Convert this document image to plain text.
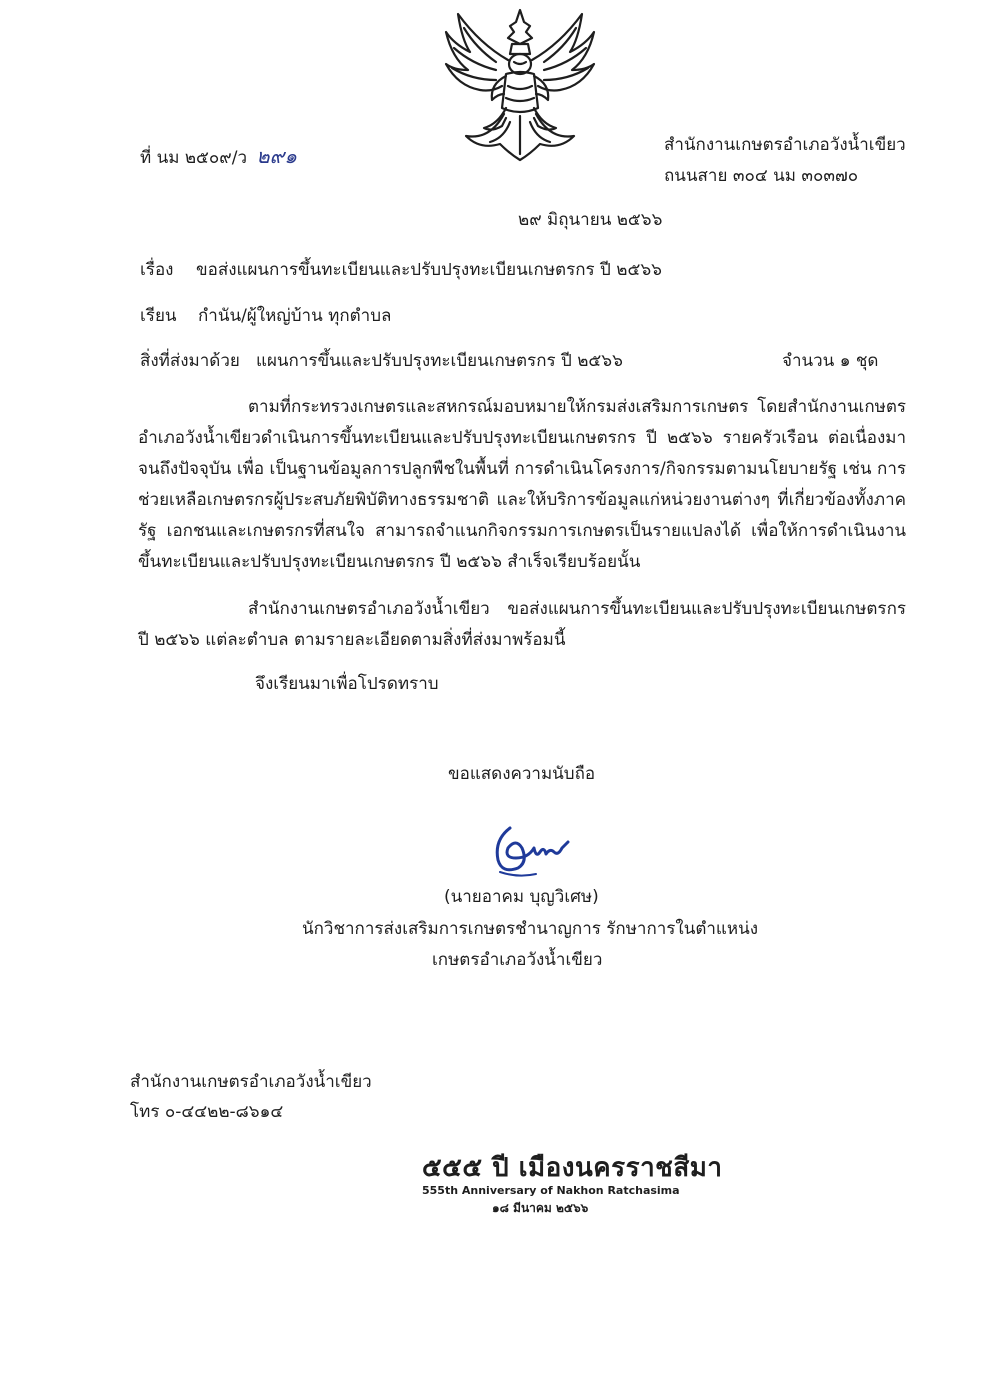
ที่ นม ๒๕๐๙/ว ๒๙๑	สำนักงานเกษตรอำเภอวังน้ำเขียว
ถนนสาย ๓๐๔ นม ๓๐๓๗๐
๒๙ มิถุนายน ๒๕๖๖
เรื่อง ขอส่งแผนการขึ้นทะเบียนและปรับปรุงทะเบียนเกษตรกร ปี ๒๕๖๖
เรียน กำนัน/ผู้ใหญ่บ้าน ทุกตำบล
สิ่งที่ส่งมาด้วย แผนการขึ้นและปรับปรุงทะเบียนเกษตรกร ปี ๒๕๖๖	จำนวน ๑ ชุด
ตามที่กระทรวงเกษตรและสหกรณ์มอบหมายให้กรมส่งเสริมการเกษตร โดยสำนักงานเกษตรอำเภอวังน้ำเขียวดำเนินการขึ้นทะเบียนและปรับปรุงทะเบียนเกษตรกร ปี ๒๕๖๖ รายครัวเรือน ต่อเนื่องมาจนถึงปัจจุบัน เพื่อ เป็นฐานข้อมูลการปลูกพืชในพื้นที่ การดำเนินโครงการ/กิจกรรมตามนโยบายรัฐ เช่น การช่วยเหลือเกษตรกรผู้ประสบภัยพิบัติทางธรรมชาติ และให้บริการข้อมูลแก่หน่วยงานต่างๆ ที่เกี่ยวข้องทั้งภาครัฐ เอกชนและเกษตรกรที่สนใจ สามารถจำแนกกิจกรรมการเกษตรเป็นรายแปลงได้ เพื่อให้การดำเนินงานขึ้นทะเบียนและปรับปรุงทะเบียนเกษตรกร ปี ๒๕๖๖ สำเร็จเรียบร้อยนั้น
สำนักงานเกษตรอำเภอวังน้ำเขียว ขอส่งแผนการขึ้นทะเบียนและปรับปรุงทะเบียนเกษตรกร ปี ๒๕๖๖ แต่ละตำบล ตามรายละเอียดตามสิ่งที่ส่งมาพร้อมนี้
จึงเรียนมาเพื่อโปรดทราบ
ขอแสดงความนับถือ
(นายอาคม บุญวิเศษ)
นักวิชาการส่งเสริมการเกษตรชำนาญการ รักษาการในตำแหน่ง
เกษตรอำเภอวังน้ำเขียว
สำนักงานเกษตรอำเภอวังน้ำเขียว
โทร ๐-๔๔๒๒-๘๖๑๔
๕๕๕ ปี เมืองนครราชสีมา
555th Anniversary of Nakhon Ratchasima
๑๘ มีนาคม ๒๕๖๖
